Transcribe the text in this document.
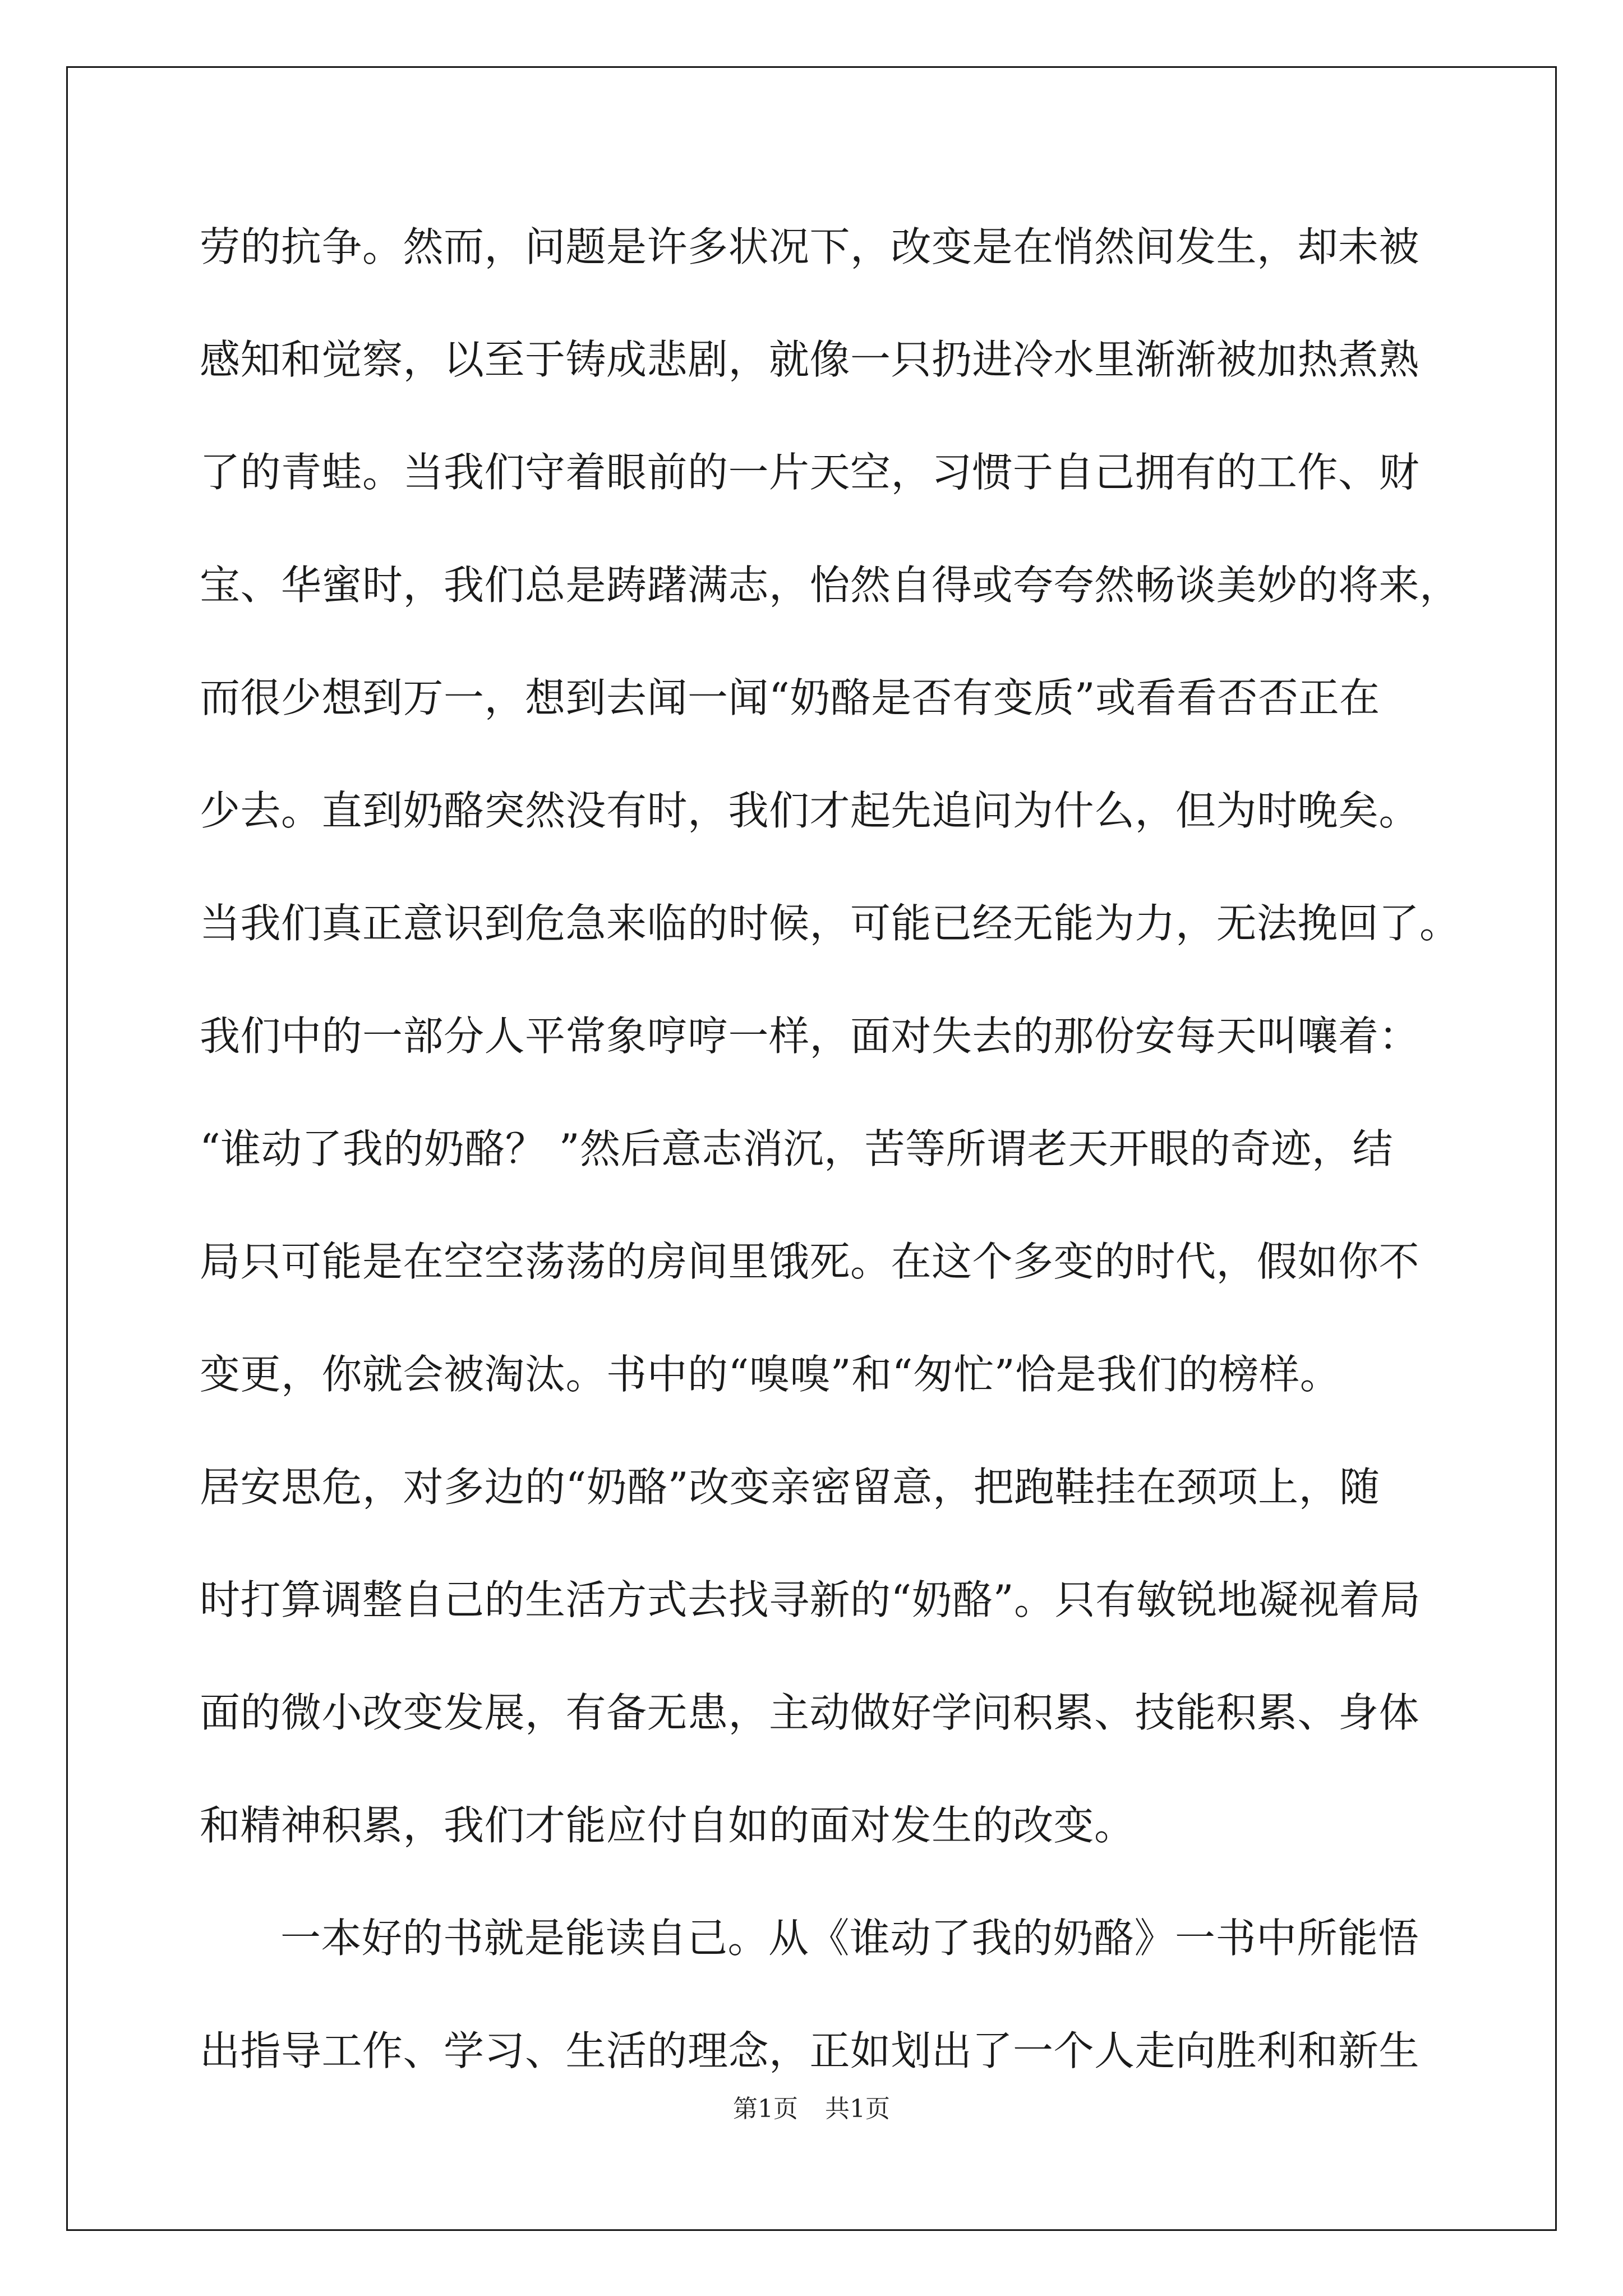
劳的抗争。然而，问题是许多状况下，改变是在悄然间发生，却未被
感知和觉察，以至于铸成悲剧，就像一只扔进冷水里渐渐被加热煮熟
了的青蛙。当我们守着眼前的一片天空，习惯于自己拥有的工作、财
宝、华蜜时，我们总是踌躇满志，怡然自得或夸夸然畅谈美妙的将来，
而很少想到万一，想到去闻一闻“奶酪是否有变质”或看看否否正在
少去。直到奶酪突然没有时，我们才起先追问为什么，但为时晚矣。
当我们真正意识到危急来临的时候，可能已经无能为力，无法挽回了。
我们中的一部分人平常象哼哼一样，面对失去的那份安每天叫嚷着：
“谁动了我的奶酪？ ”然后意志消沉，苦等所谓老天开眼的奇迹，结
局只可能是在空空荡荡的房间里饿死。在这个多变的时代，假如你不
变更，你就会被淘汰。书中的“嗅嗅”和“匆忙”恰是我们的榜样。
居安思危，对多边的“奶酪”改变亲密留意，把跑鞋挂在颈项上，随
时打算调整自己的生活方式去找寻新的“奶酪”。只有敏锐地凝视着局
面的微小改变发展，有备无患，主动做好学问积累、技能积累、身体
和精神积累，我们才能应付自如的面对发生的改变。
一本好的书就是能读自己。从《谁动了我的奶酪》一书中所能悟
出指导工作、学习、生活的理念，正如划出了一个人走向胜利和新生
第1页 共1页
